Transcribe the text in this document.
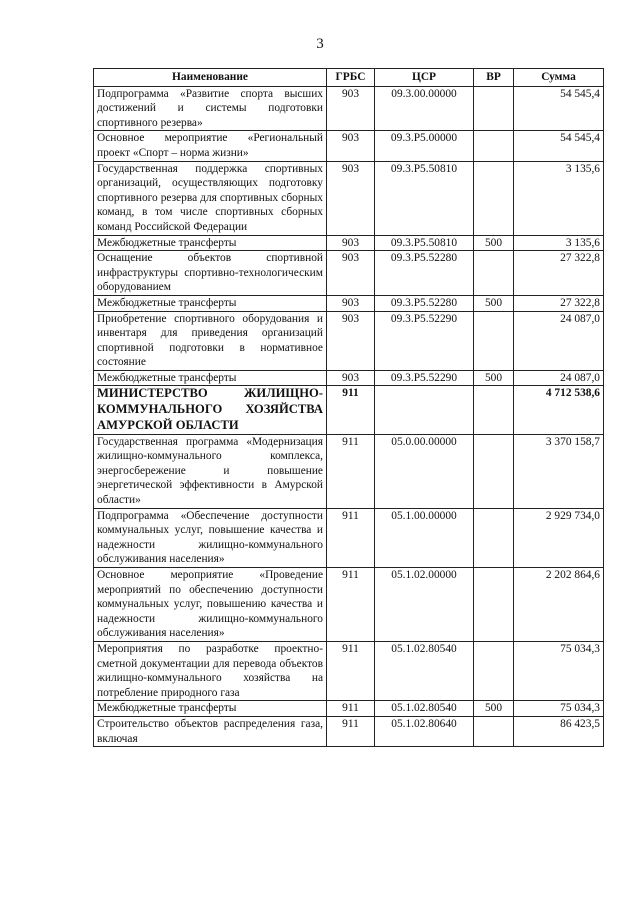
3
Наименование	ГРБС	ЦСР	ВР	Сумма
Подпрограмма «Развитие спорта высших достижений и системы подготовки спортивного резерва»	903	09.3.00.00000		54 545,4
Основное мероприятие «Региональный проект «Спорт – норма жизни»	903	09.3.Р5.00000		54 545,4
Государственная поддержка спортивных организаций, осуществляющих подготовку спортивного резерва для спортивных сборных команд, в том числе спортивных сборных команд Российской Федерации	903	09.3.Р5.50810		3 135,6
Межбюджетные трансферты	903	09.3.Р5.50810	500	3 135,6
Оснащение объектов спортивной инфраструктуры спортивно-технологическим оборудованием	903	09.3.Р5.52280		27 322,8
Межбюджетные трансферты	903	09.3.Р5.52280	500	27 322,8
Приобретение спортивного оборудования и инвентаря для приведения организаций спортивной подготовки в нормативное состояние	903	09.3.Р5.52290		24 087,0
Межбюджетные трансферты	903	09.3.Р5.52290	500	24 087,0
МИНИСТЕРСТВО ЖИЛИЩНО-КОММУНАЛЬНОГО ХОЗЯЙСТВА АМУРСКОЙ ОБЛАСТИ	911			4 712 538,6
Государственная программа «Модернизация жилищно-коммунального комплекса, энергосбережение и повышение энергетической эффективности в Амурской области»	911	05.0.00.00000		3 370 158,7
Подпрограмма «Обеспечение доступности коммунальных услуг, повышение качества и надежности жилищно-коммунального обслуживания населения»	911	05.1.00.00000		2 929 734,0
Основное мероприятие «Проведение мероприятий по обеспечению доступности коммунальных услуг, повышению качества и надежности жилищно-коммунального обслуживания населения»	911	05.1.02.00000		2 202 864,6
Мероприятия по разработке проектно-сметной документации для перевода объектов жилищно-коммунального хозяйства на потребление природного газа	911	05.1.02.80540		75 034,3
Межбюджетные трансферты	911	05.1.02.80540	500	75 034,3
Строительство объектов распределения газа, включая	911	05.1.02.80640		86 423,5
